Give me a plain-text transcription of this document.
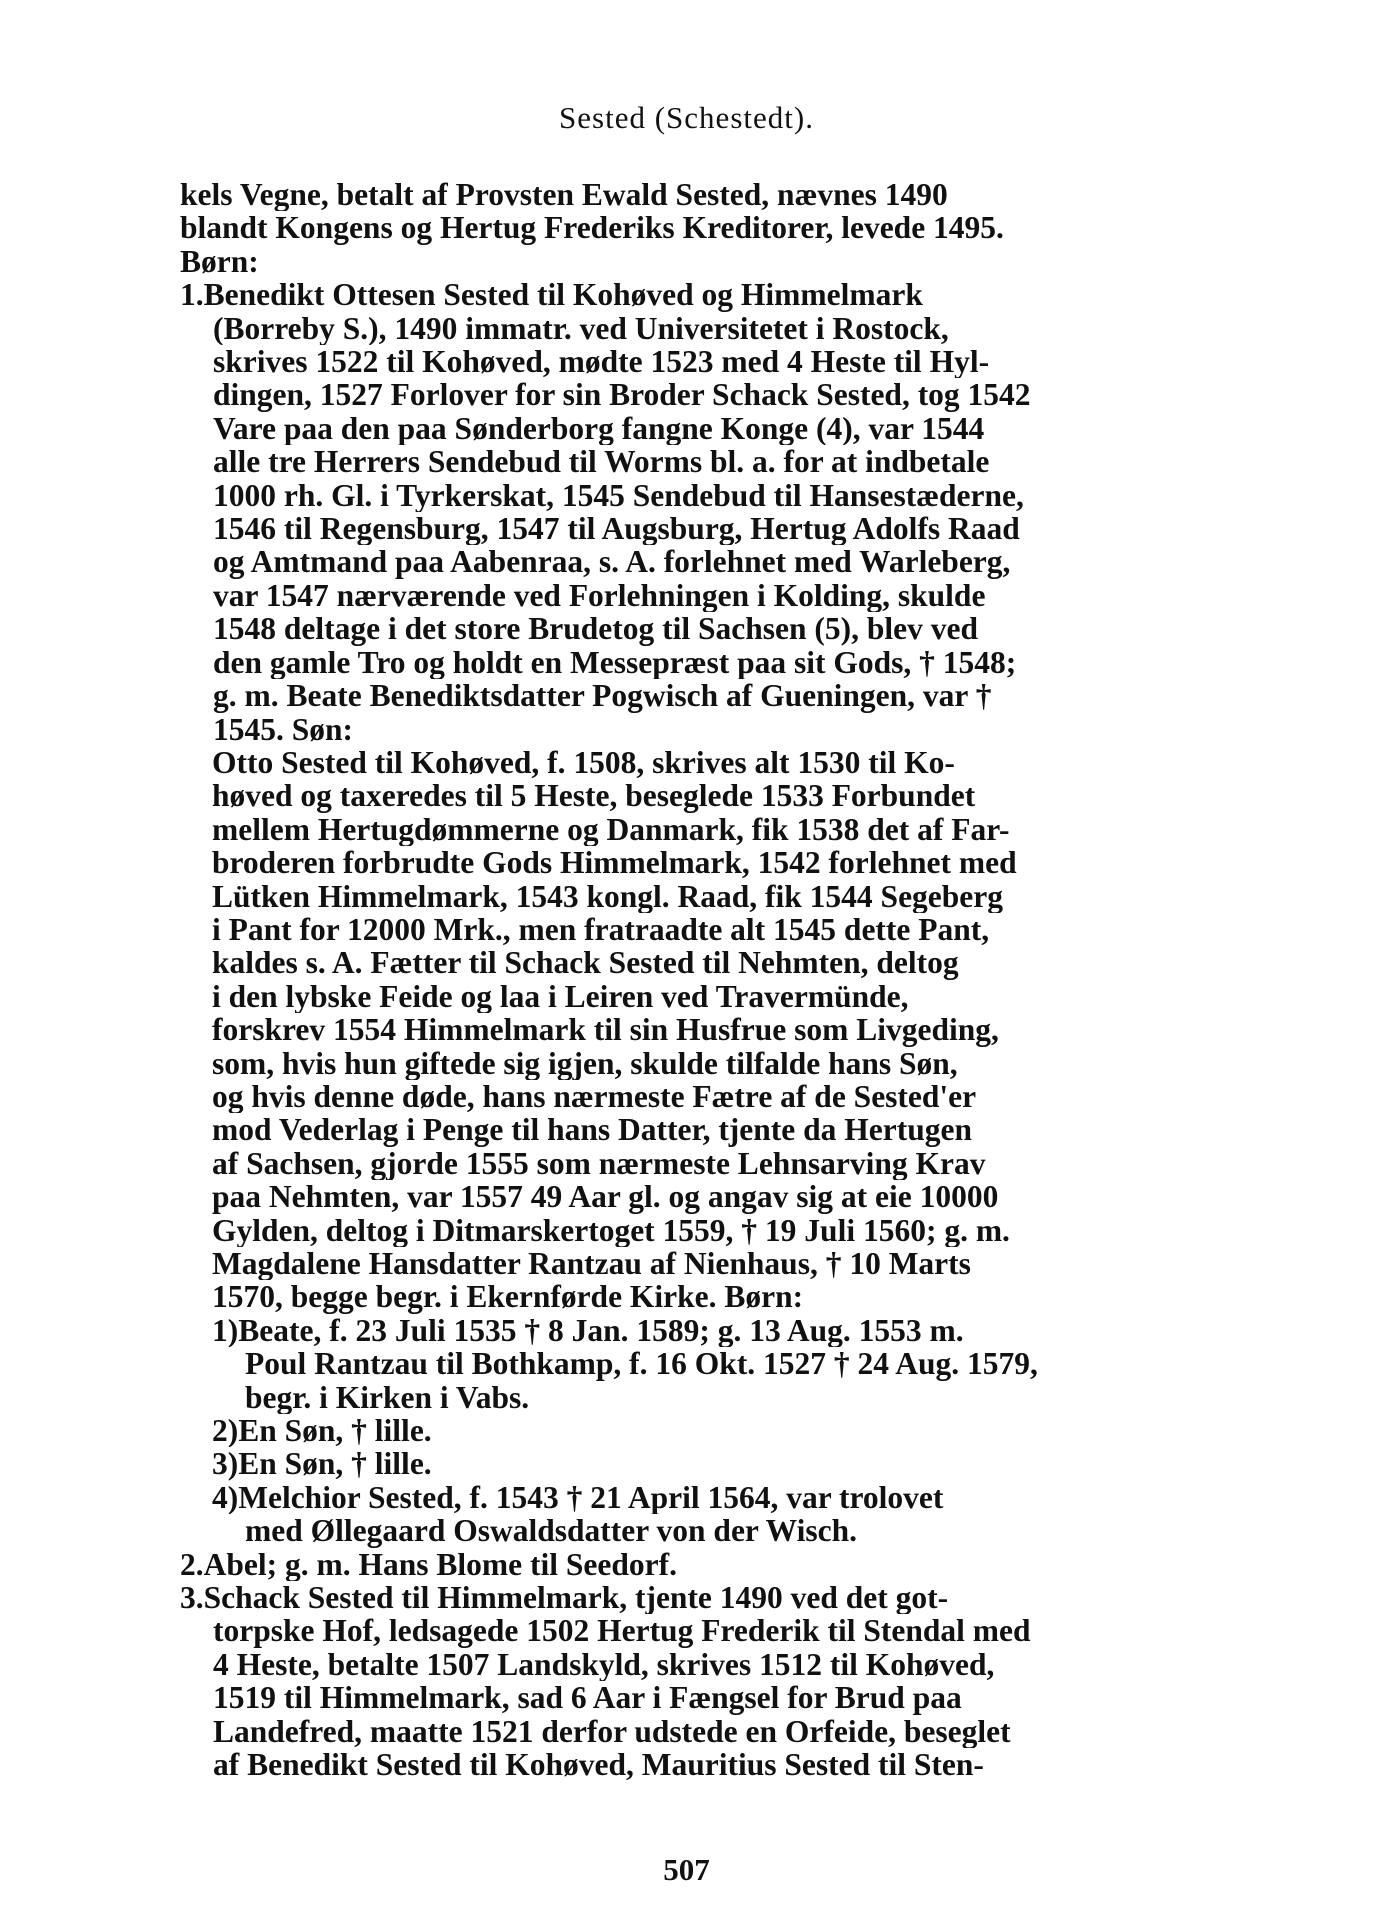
Sested (Schestedt).
kels Vegne, betalt af Provsten Ewald Sested, nævnes 1490
blandt Kongens og Hertug Frederiks Kreditorer, levede 1495.
Børn:
1.Benedikt Ottesen Sested til Kohøved og Himmelmark
(Borreby S.), 1490 immatr. ved Universitetet i Rostock,
skrives 1522 til Kohøved, mødte 1523 med 4 Heste til Hyl-
dingen, 1527 Forlover for sin Broder Schack Sested, tog 1542
Vare paa den paa Sønderborg fangne Konge (4), var 1544
alle tre Herrers Sendebud til Worms bl. a. for at indbetale
1000 rh. Gl. i Tyrkerskat, 1545 Sendebud til Hansestæderne,
1546 til Regensburg, 1547 til Augsburg, Hertug Adolfs Raad
og Amtmand paa Aabenraa, s. A. forlehnet med Warleberg,
var 1547 nærværende ved Forlehningen i Kolding, skulde
1548 deltage i det store Brudetog til Sachsen (5), blev ved
den gamle Tro og holdt en Messepræst paa sit Gods, † 1548;
g. m. Beate Benediktsdatter Pogwisch af Gueningen, var †
1545. Søn:
Otto Sested til Kohøved, f. 1508, skrives alt 1530 til Ko-
høved og taxeredes til 5 Heste, beseglede 1533 Forbundet
mellem Hertugdømmerne og Danmark, fik 1538 det af Far-
broderen forbrudte Gods Himmelmark, 1542 forlehnet med
Lütken Himmelmark, 1543 kongl. Raad, fik 1544 Segeberg
i Pant for 12000 Mrk., men fratraadte alt 1545 dette Pant,
kaldes s. A. Fætter til Schack Sested til Nehmten, deltog
i den lybske Feide og laa i Leiren ved Travermünde,
forskrev 1554 Himmelmark til sin Husfrue som Livgeding,
som, hvis hun giftede sig igjen, skulde tilfalde hans Søn,
og hvis denne døde, hans nærmeste Fætre af de Sested'er
mod Vederlag i Penge til hans Datter, tjente da Hertugen
af Sachsen, gjorde 1555 som nærmeste Lehnsarving Krav
paa Nehmten, var 1557 49 Aar gl. og angav sig at eie 10000
Gylden, deltog i Ditmarskertoget 1559, † 19 Juli 1560; g. m.
Magdalene Hansdatter Rantzau af Nienhaus, † 10 Marts
1570, begge begr. i Ekernførde Kirke. Børn:
1)Beate, f. 23 Juli 1535 † 8 Jan. 1589; g. 13 Aug. 1553 m.
Poul Rantzau til Bothkamp, f. 16 Okt. 1527 † 24 Aug. 1579,
begr. i Kirken i Vabs.
2)En Søn, † lille.
3)En Søn, † lille.
4)Melchior Sested, f. 1543 † 21 April 1564, var trolovet
med Øllegaard Oswaldsdatter von der Wisch.
2.Abel; g. m. Hans Blome til Seedorf.
3.Schack Sested til Himmelmark, tjente 1490 ved det got-
torpske Hof, ledsagede 1502 Hertug Frederik til Stendal med
4 Heste, betalte 1507 Landskyld, skrives 1512 til Kohøved,
1519 til Himmelmark, sad 6 Aar i Fængsel for Brud paa
Landefred, maatte 1521 derfor udstede en Orfeide, beseglet
af Benedikt Sested til Kohøved, Mauritius Sested til Sten-
507
